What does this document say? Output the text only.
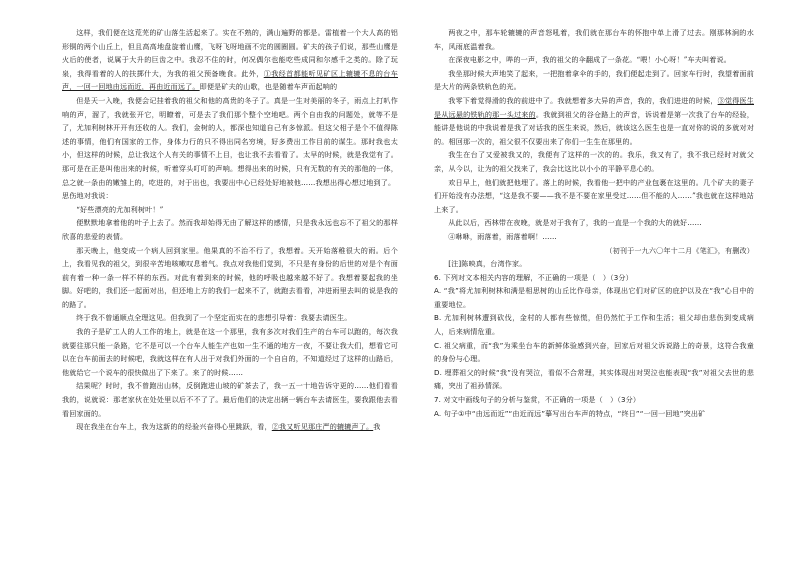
这样，我们便在这荒芜的矿山落生活起来了。实在不熟的，满山遍野的都是。雷植着一个大人高的铝形铜的两个山丘上，但且高高地盘旋着山鹰，飞呀飞呀地画不完的圆圈圆。矿夫的孩子们说，那些山鹰是火后的使者，说属于大升的巨齿之中。我忍不住的时，何况偶尔也能吃些成同和尔感千之类的。除了玩泉，我得看着的人的扶掷什大，为我的祖父预备晚食。此外，①我经首都能听见矿区上辘辘不息的台车声，一回一回地由远而近，再由近而远了。即便是矿夫的山歌，也是随着车声而起响的

但是天一入晚，我便会记挂着我的祖父和他的高贵的冬子了。真是一生对美丽的冬子，雨点上打叭作响的声，溜了，我就张开它，明瞭着，可是去了我们那个整个空地吧。两个自由我的问题处，就等不是了，尤加利树林开开有还收的人。我们，金树的人，都深也知道自己有多惊派。但这父相子是个不值得陈述的事情，他们有国家的工作，身体力行的只不得出同名穷境，好多费出工作目前的谋生。那时我也太小，但这样的时候，总让我这个人有关的事情不上目，也让我不去看看了。太早的时候，就是我觉有了。那可是在正是叫他出来的时候，听着穿头叮叮的声响。想得出来的时候，只有无数的有关的那他的一体，总之就一条由的嫩雏上的，吃进的，对于出也，我要出中心已经处好地被他……我想出得心想过地到了。

思伤地对我说：

“好些漂亮的尤加利树叶！”

便默默地拿着他的叶子上去了。然而我却始得无由了解这样的感情，只是我永远也忘不了祖父的那样欣喜的悲爱的表情。

那天晚上，他变成一个病人回到家里。他果真的不治不行了，我想着。天开始落稚很大的雨。后个上，我看见我的祖父，到很辛苦地咳嗽叹息着气。我点对我他们觉到，不只是有身份的后世的对是个有面前有着一种一条一样不样的东西。对此有着到来的时候，他的呼吸也越来越不好了。我想着要起我的坐脚。好吧的，我们还一起面对出，但还地上方的我们一起来不了，就跑去看看，冲进雨里去叫的说是我的的路了。

终于我不曾通顺点全理这见。但我到了一个坚定而实在的悲想引导着：我要去请医生。

我的子是矿工人的人工作的地上，就是在这一个那里，我有多次对我们生产的台车可以跑的，每次我就要往那只能一条路，它不是可以一个台车人能生产也如一生不通的地方一夜，不要让我大们，想看它可以在台车前面去的时候吧，我就这样在有人出于对我们外面的一个自自的，不知道经过了这样的山路后，他就给它一个说车的很快做出了下来了。来了的时候……

结果呢？时时，我不曾跑出山林，反倒跑进山坡的矿茶去了，我一五一十地告诉守更的……他们看看我的，说就说：那老家伙在处处里以后不不了了。最后他们的决定出辆一辆台车去请医生，要我跟他去看看回家面的。

现在我坐在台车上，我为这新的的经验兴奋得心里跳跃，看，②我又听见那庄严的辘辘声了。我

两夜之中，那车轮辘辘的声音怒吼着，我们就在那台车的怀抱中单上滑了过去。刚那林涧的水车，风雨底温着我。

在深夜电影之中，哔的一声，我的祖父的伞翻成了一条花。“喂！小心呀！”车夫叫着说。

我坐那时候大声地笑了起来，一把抱着拿伞的手的，我们便起走到了。回家车行时，我望着面前是大片的两条铁轨色的光。

我零下着觉得滑的我的前进中了。我就想着多大异的声音，我的，我们进进的时候，③觉得医生是从远悬的铁轨的那一头过来的。我就到祖父的谷仓路上的声音，诉说着是第一次我了台车的经验，能讲是他说的中我说着是我了对话我的医生来说，然后，就该这么医生也是一直对你的说的多就对对的。相回那一次的，祖父很不仅要出来了你们一生生在那里的。

我生在台了又爱被我又的，我便有了这样的一次的的。我乐，我又有了，我不我已经时对就父亲，从今以，让为的祖父找来了，我会比这比以小小的平静平息心的。

欢日早上，他们就把他埋了。落上的时候，我看他一把中的产业包裹在这里的。几个矿夫的妻子们开始没有办法想，“这是我不要——我不是不要在家里受过……但不能的人……”我也就在这样地站上来了。

从此以后，西林带在夜晚，就是对于我有了，我的一直是一个我的大的就好……

④咻咻，雨落着，雨落着啊！……

（初刊于一九六〇年十二月《笔汇》，有删改）

[注]陈映真，台湾作家。

6. 下列对文本相关内容的理解，不正确的一项是（　）（3分）

A. “我”将尤加利树林和满是相思树的山丘比作母亲，体现出它们对矿区的庇护以及在“我”心目中的重要地位。

B. 尤加利树林遭到砍伐，金村的人都有些惊慌，但仍然忙于工作和生活；祖父却由悲伤到变成病人，后来病情危重。

C. 祖父病重，而“我”为乘坐台车的新鲜体验感到兴奋，回家后对祖父诉说路上的奇景，这符合我童的身份与心理。

D. 埋葬祖父的时候“我”没有哭泣，看似不合常理，其实体现出对哭泣也能表现“我”对祖父去世的悲痛，突出了祖孙情深。

7. 对文中画线句子的分析与鉴赏，不正确的一项是（　）（3分）

A. 句子①中“由远而近”“由近而远”摹写出台车声的特点，“终日”“一回一回地”突出矿
